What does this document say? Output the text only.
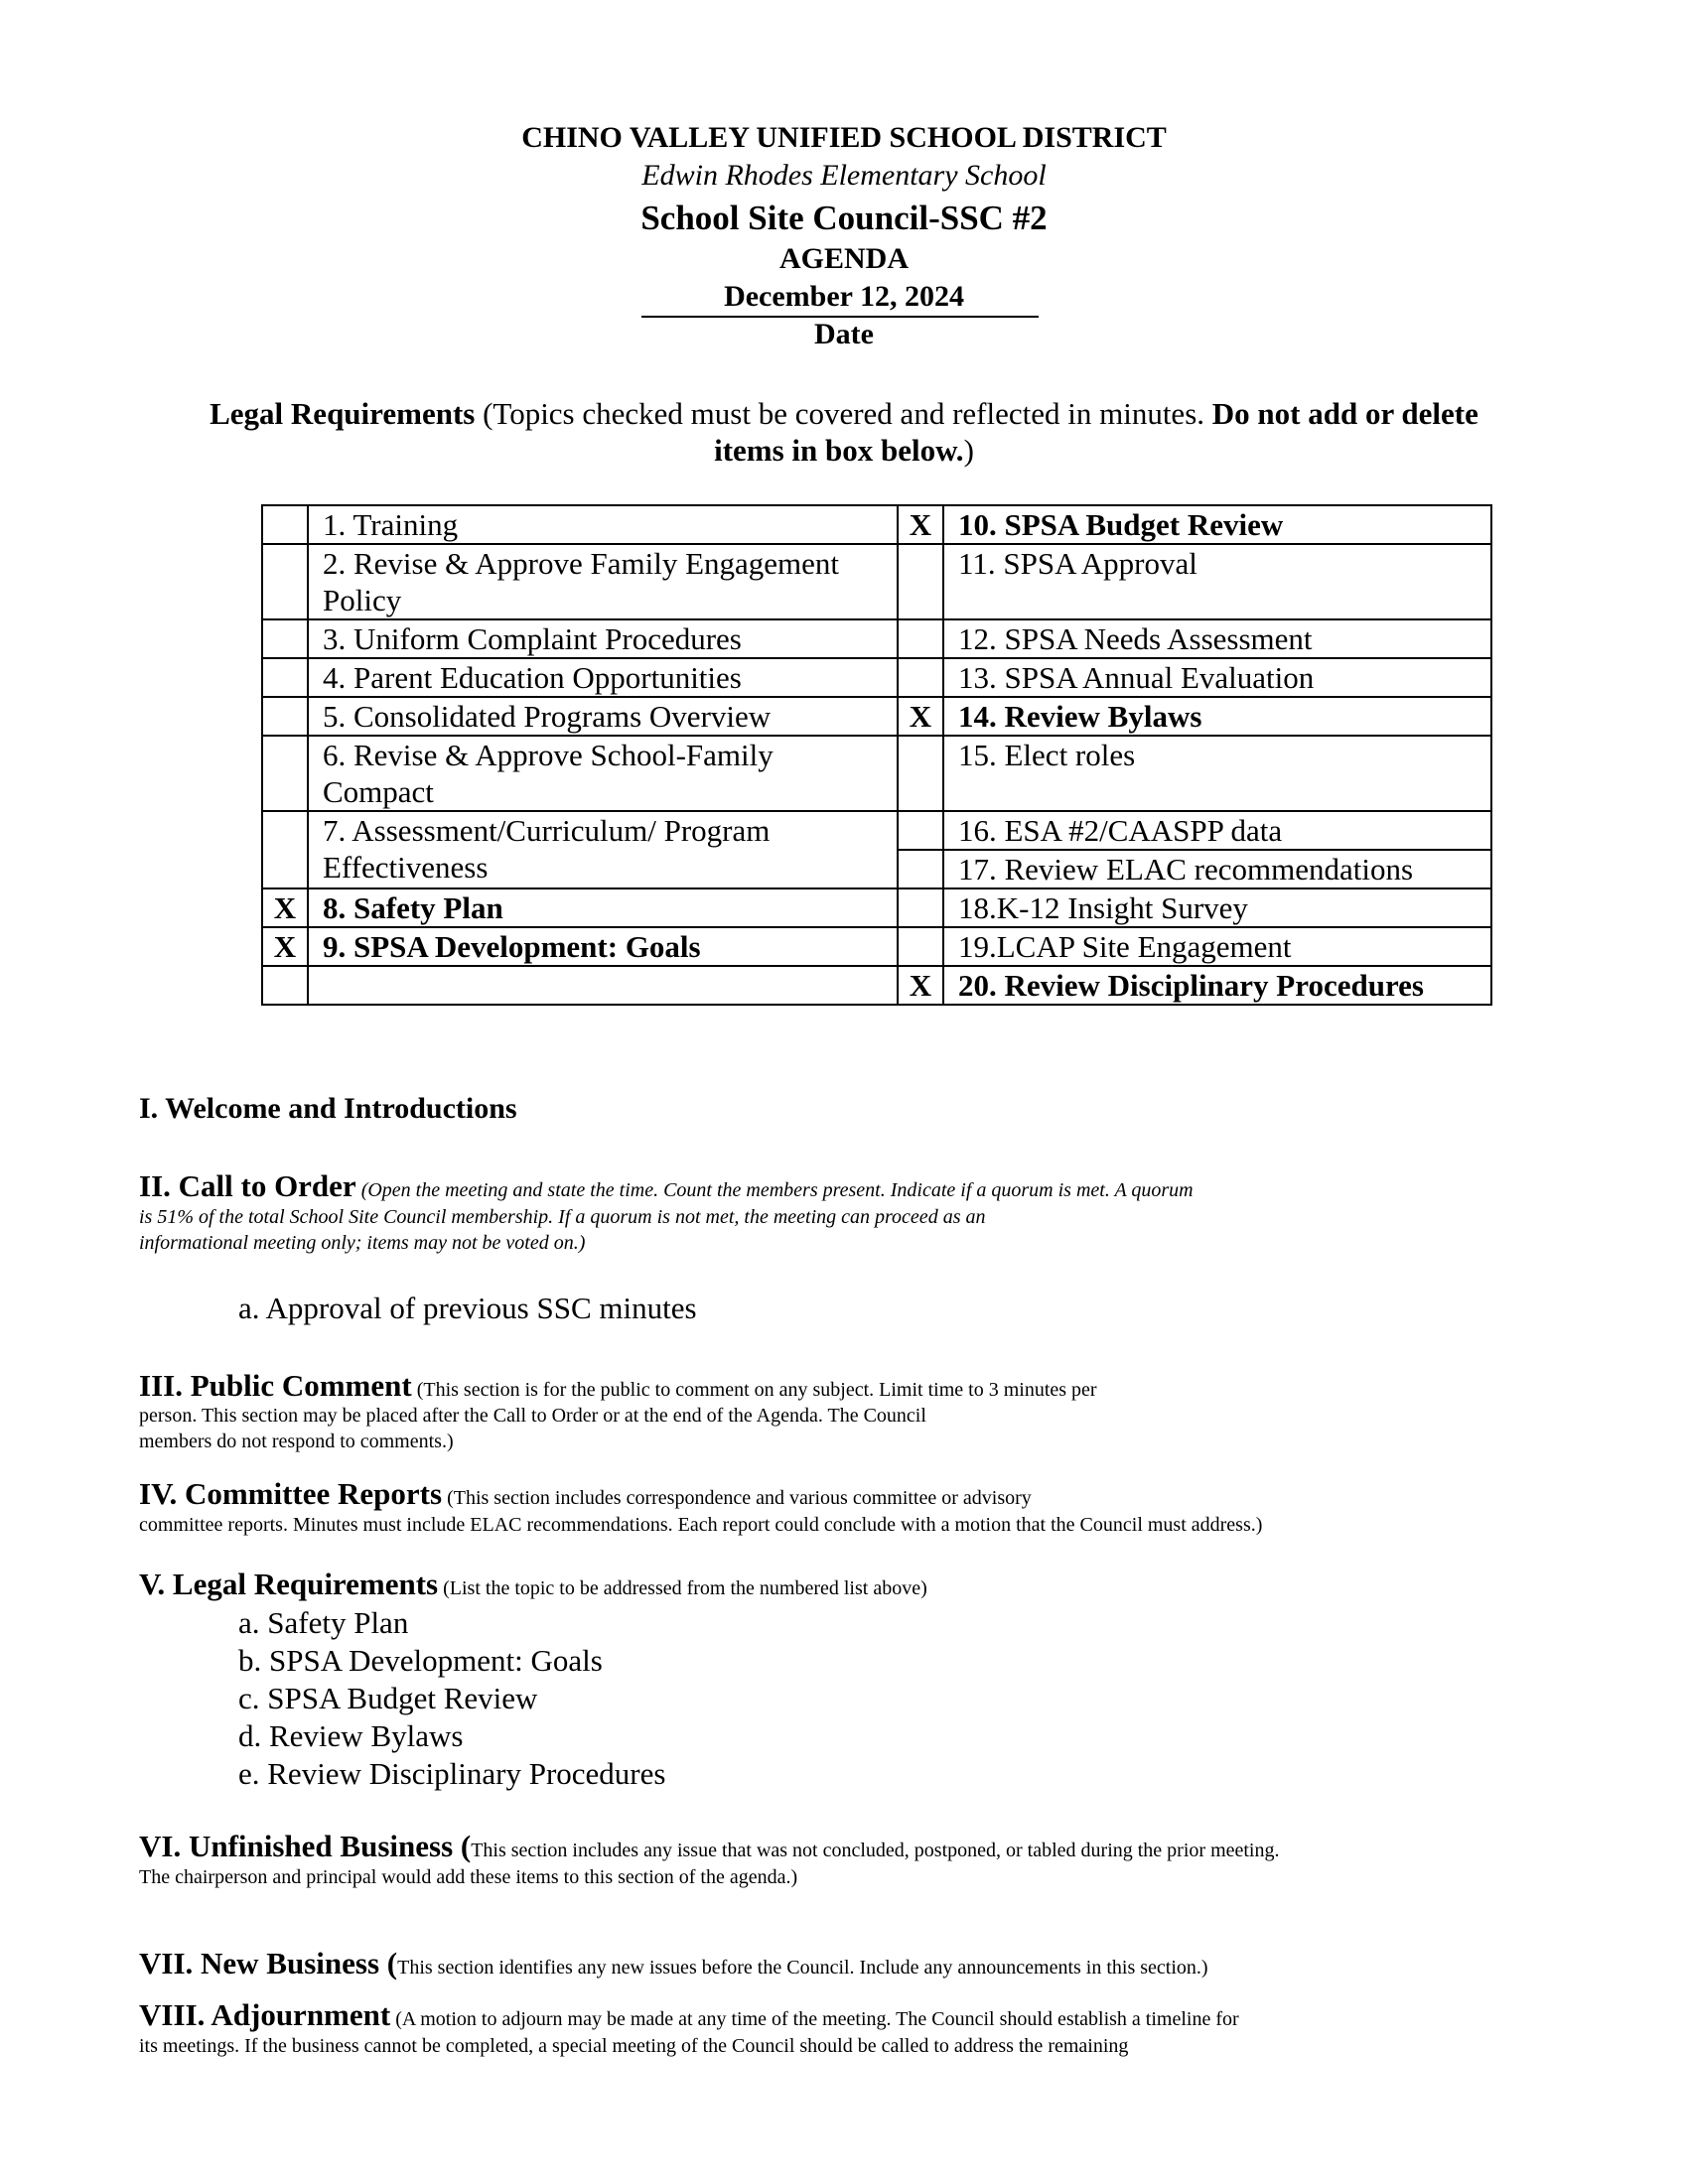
CHINO VALLEY UNIFIED SCHOOL DISTRICT
Edwin Rhodes Elementary School
School Site Council-SSC #2
AGENDA
December 12, 2024
Date
Legal Requirements (Topics checked must be covered and reflected in minutes. Do not add or delete
items in box below.)
	1. Training	X	10. SPSA Budget Review
	2. Revise & Approve Family Engagement Policy		11. SPSA Approval
	3. Uniform Complaint Procedures		12. SPSA Needs Assessment
	4. Parent Education Opportunities		13. SPSA Annual Evaluation
	5. Consolidated Programs Overview	X	14. Review Bylaws
	6. Revise & Approve School-Family Compact		15. Elect roles
	7. Assessment/Curriculum/ Program Effectiveness		16. ESA #2/CAASPP data
			17. Review ELAC recommendations
X	8. Safety Plan		18.K-12 Insight Survey
X	9. SPSA Development: Goals		19.LCAP Site Engagement
		X	20. Review Disciplinary Procedures
I. Welcome and Introductions
II. Call to Order (Open the meeting and state the time. Count the members present. Indicate if a quorum is met. A quorum
is 51% of the total School Site Council membership. If a quorum is not met, the meeting can proceed as an
informational meeting only; items may not be voted on.)
a. Approval of previous SSC minutes
III. Public Comment (This section is for the public to comment on any subject. Limit time to 3 minutes per
person. This section may be placed after the Call to Order or at the end of the Agenda. The Council
members do not respond to comments.)
IV. Committee Reports (This section includes correspondence and various committee or advisory
committee reports. Minutes must include ELAC recommendations. Each report could conclude with a motion that the Council must address.)
V. Legal Requirements (List the topic to be addressed from the numbered list above)
a. Safety Plan
b. SPSA Development: Goals
c. SPSA Budget Review
d. Review Bylaws
e. Review Disciplinary Procedures
VI. Unfinished Business (This section includes any issue that was not concluded, postponed, or tabled during the prior meeting.
The chairperson and principal would add these items to this section of the agenda.)
VII. New Business (This section identifies any new issues before the Council. Include any announcements in this section.)
VIII. Adjournment (A motion to adjourn may be made at any time of the meeting. The Council should establish a timeline for
its meetings. If the business cannot be completed, a special meeting of the Council should be called to address the remaining
